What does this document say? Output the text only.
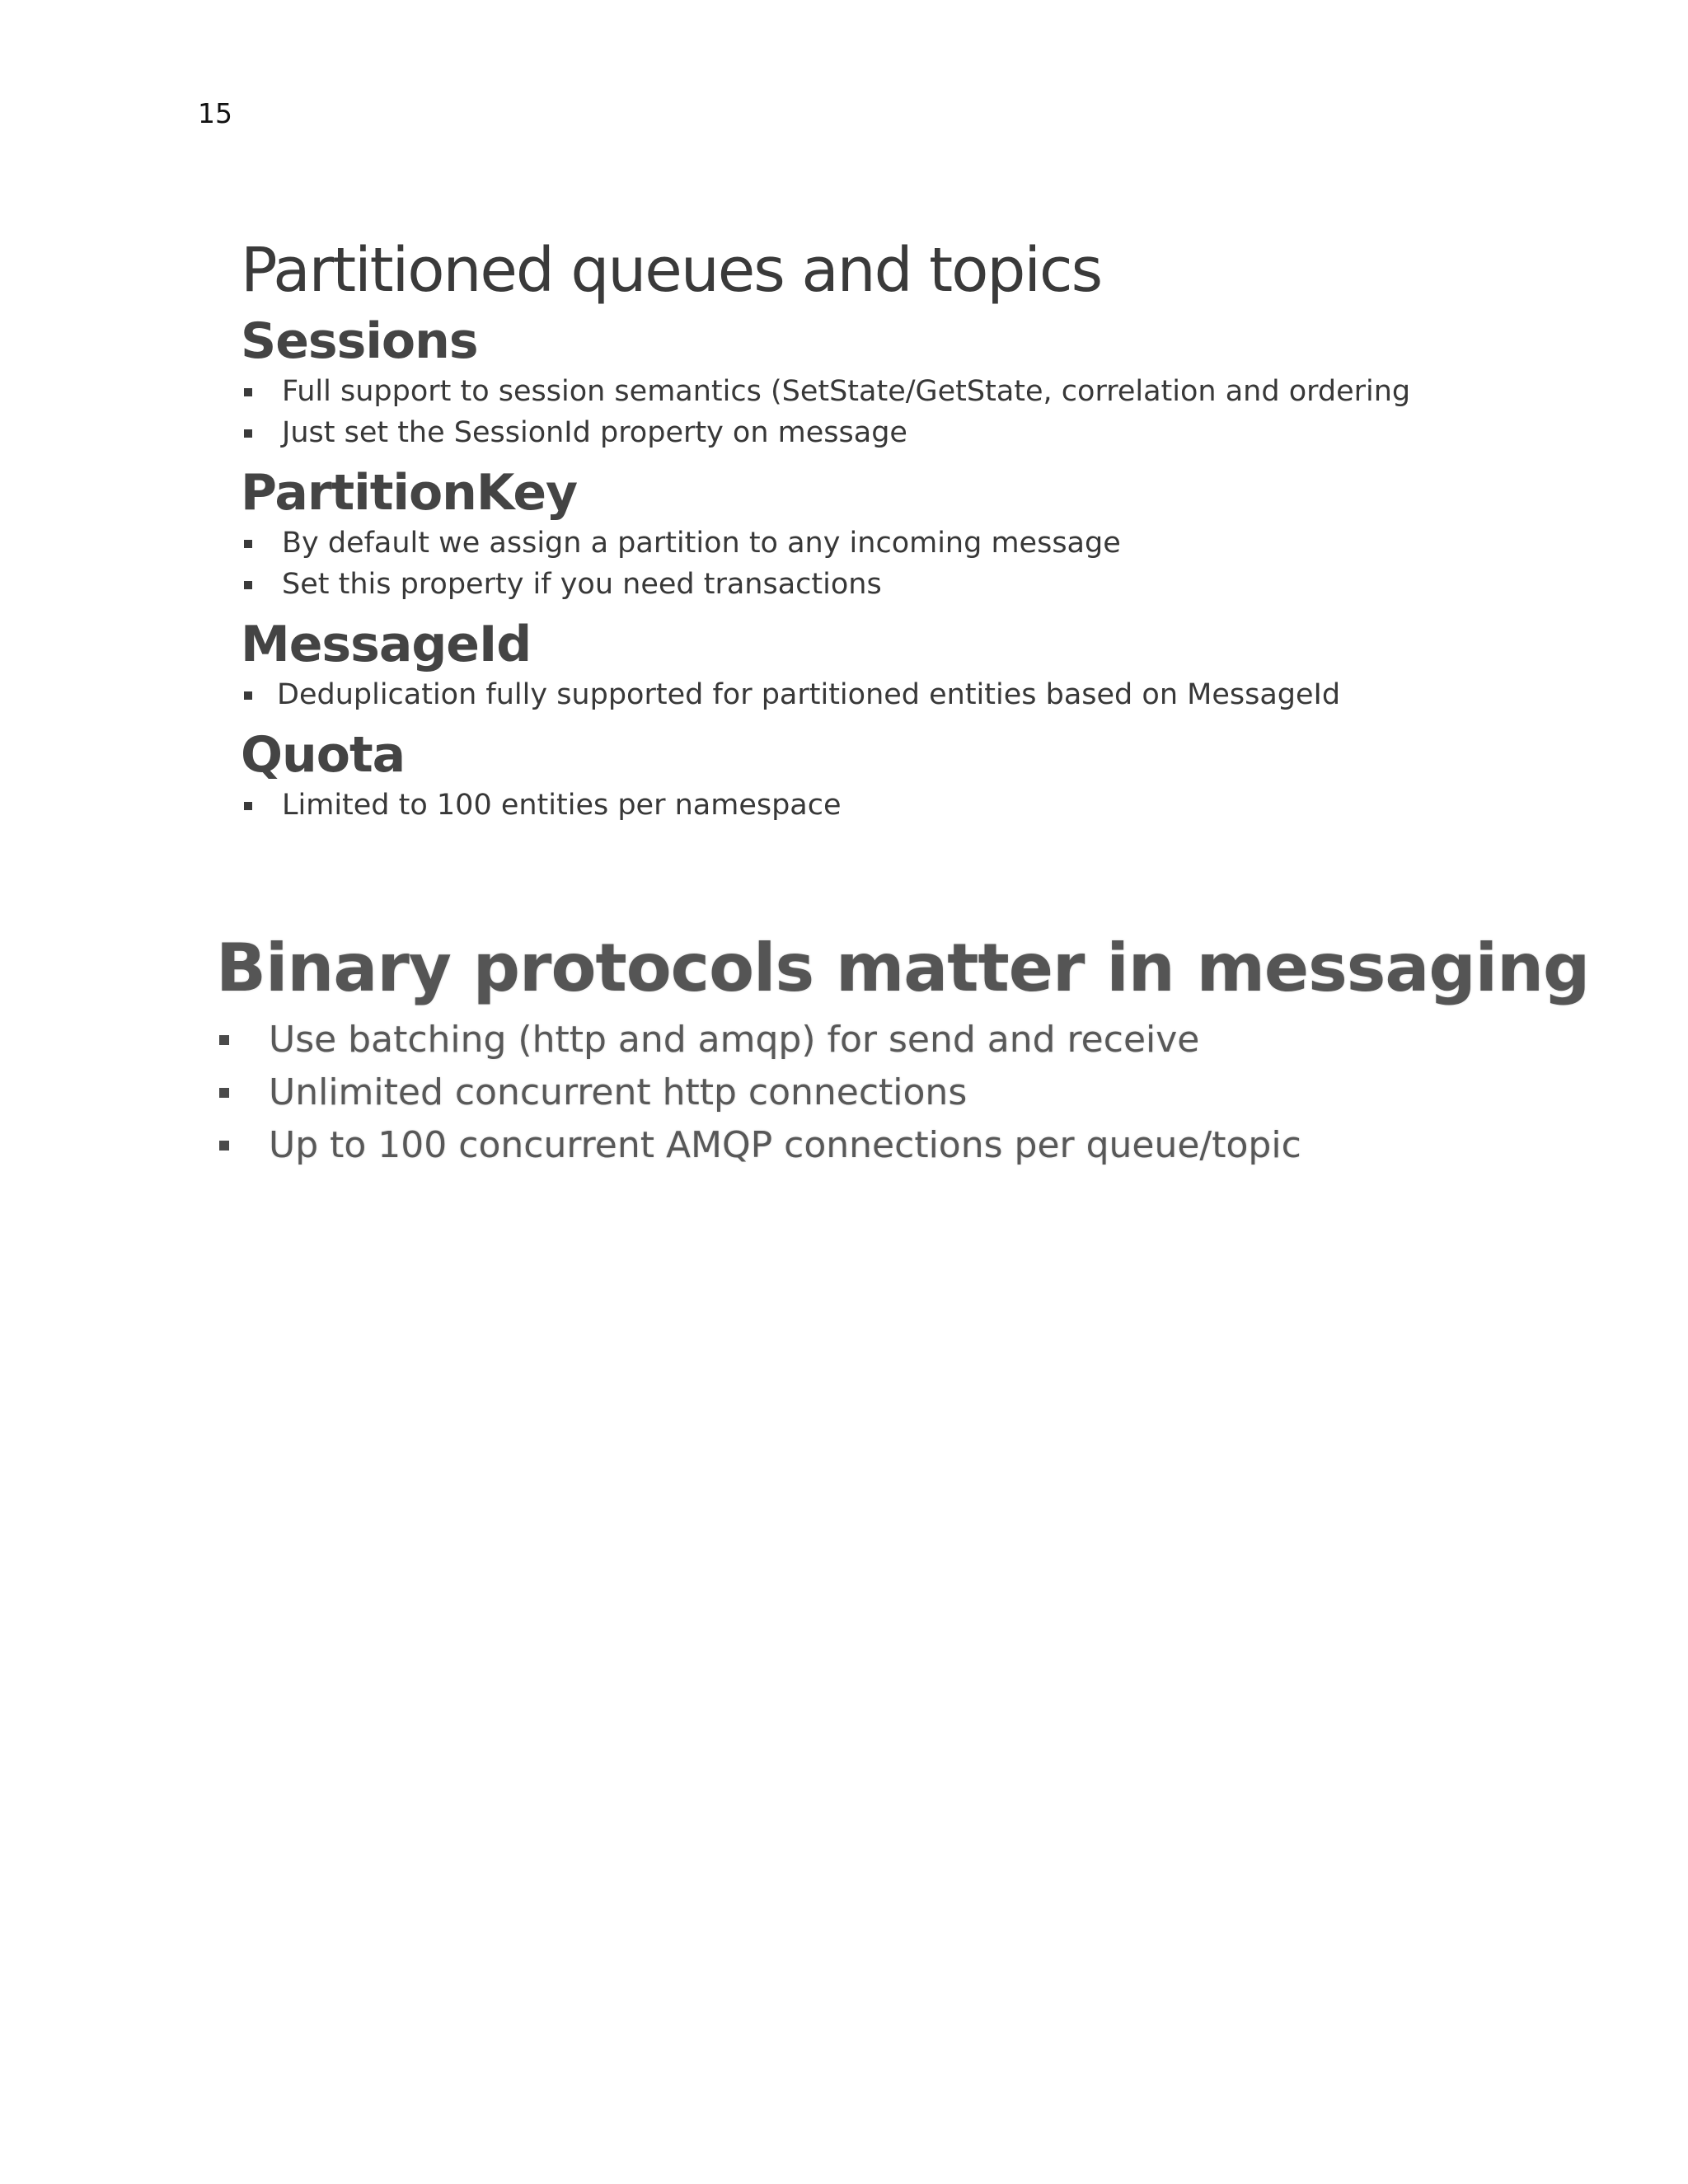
15
Partitioned queues and topics
Sessions
Full support to session semantics (SetState/GetState, correlation and ordering
Just set the SessionId property on message
PartitionKey
By default we assign a partition to any incoming message
Set this property if you need transactions
MessageId
Deduplication fully supported for partitioned entities based on MessageId
Quota
Limited to 100 entities per namespace
Binary protocols matter in messaging
Use batching (http and amqp) for send and receive
Unlimited concurrent http connections
Up to 100 concurrent AMQP connections per queue/topic
